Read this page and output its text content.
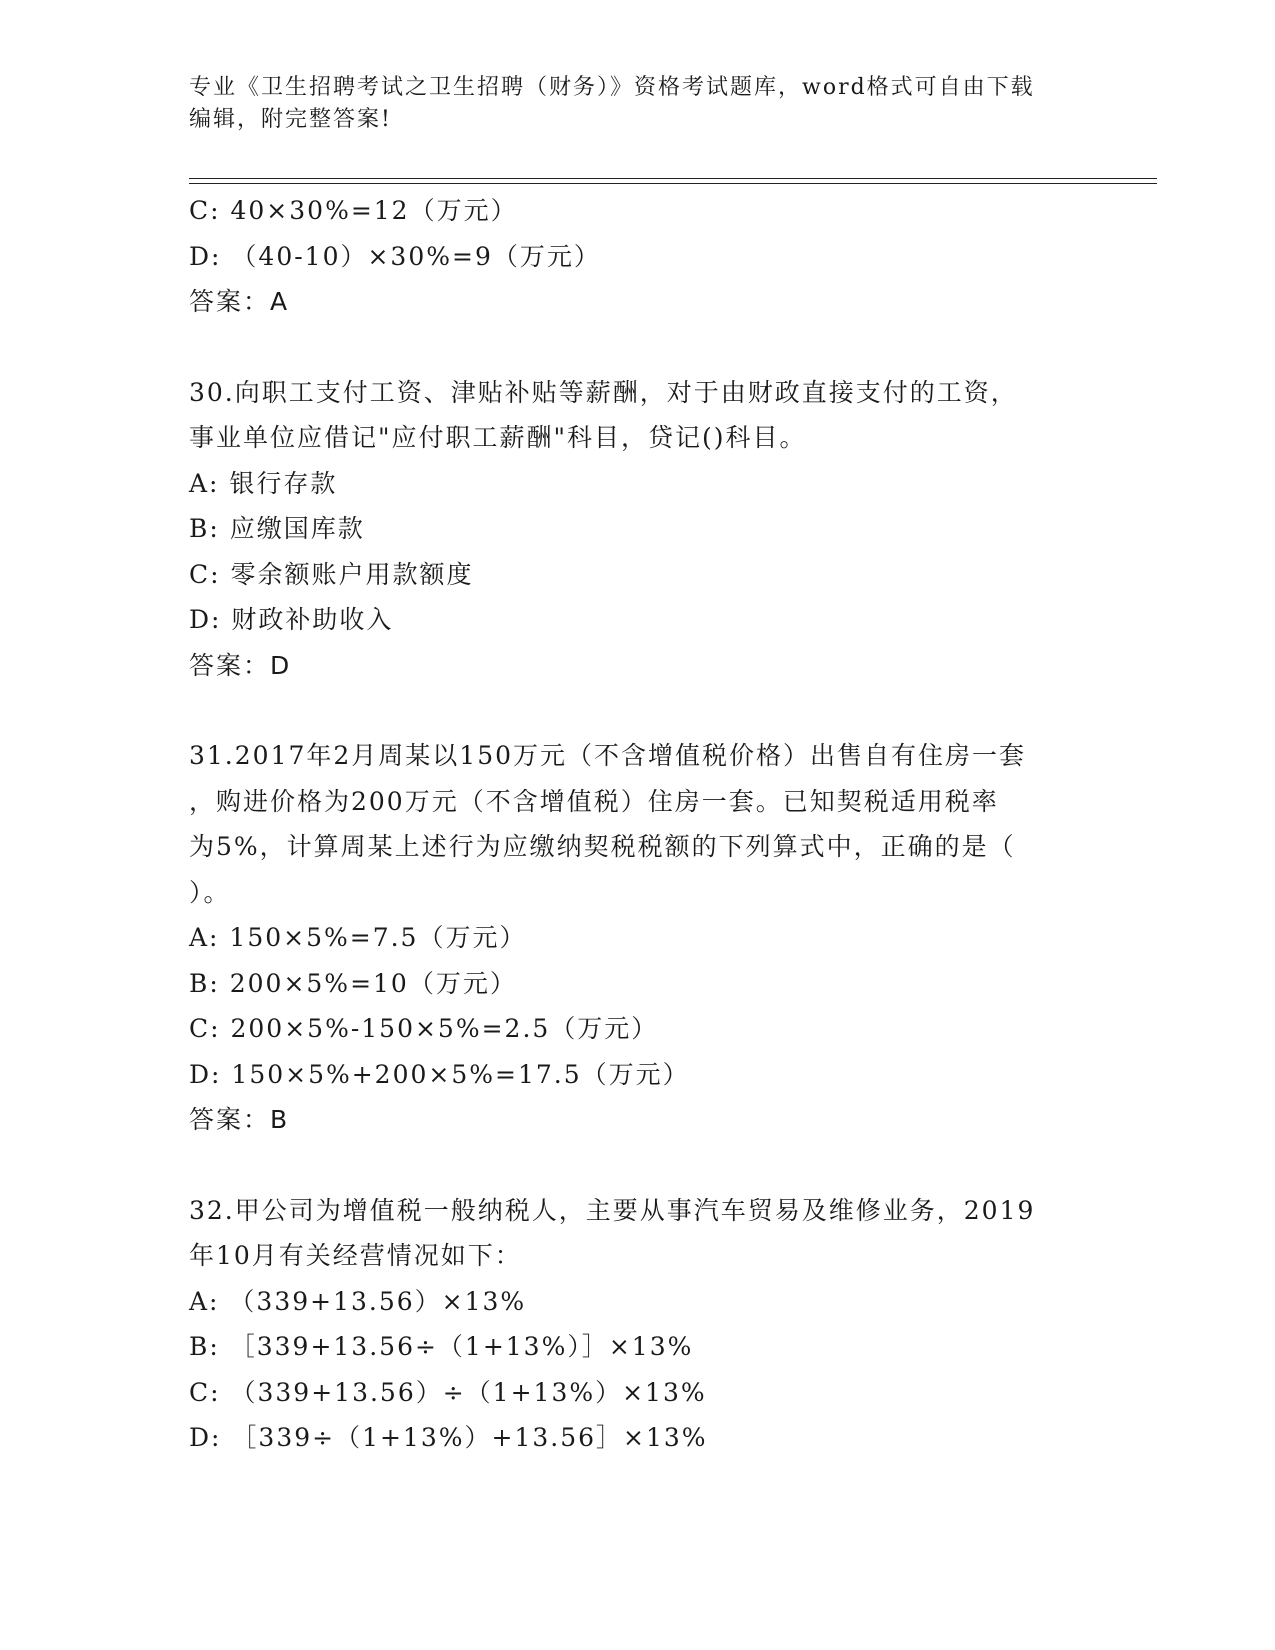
专业《卫生招聘考试之卫生招聘（财务）》资格考试题库，word格式可自由下载
编辑，附完整答案!
C: 40×30%=12（万元）
D: （40-10）×30%=9（万元）
答案：A
30.向职工支付工资、津贴补贴等薪酬，对于由财政直接支付的工资，
事业单位应借记"应付职工薪酬"科目，贷记()科目。
A: 银行存款
B: 应缴国库款
C: 零余额账户用款额度
D: 财政补助收入
答案：D
31.2017年2月周某以150万元（不含增值税价格）出售自有住房一套
，购进价格为200万元（不含增值税）住房一套。已知契税适用税率
为5%，计算周某上述行为应缴纳契税税额的下列算式中，正确的是（
）。
A: 150×5%=7.5（万元）
B: 200×5%=10（万元）
C: 200×5%-150×5%=2.5（万元）
D: 150×5%+200×5%=17.5（万元）
答案：B
32.甲公司为增值税一般纳税人，主要从事汽车贸易及维修业务，2019
年10月有关经营情况如下：
A: （339+13.56）×13%
B: ［339+13.56÷（1+13%）］×13%
C: （339+13.56）÷（1+13%）×13%
D: ［339÷（1+13%）+13.56］×13%
